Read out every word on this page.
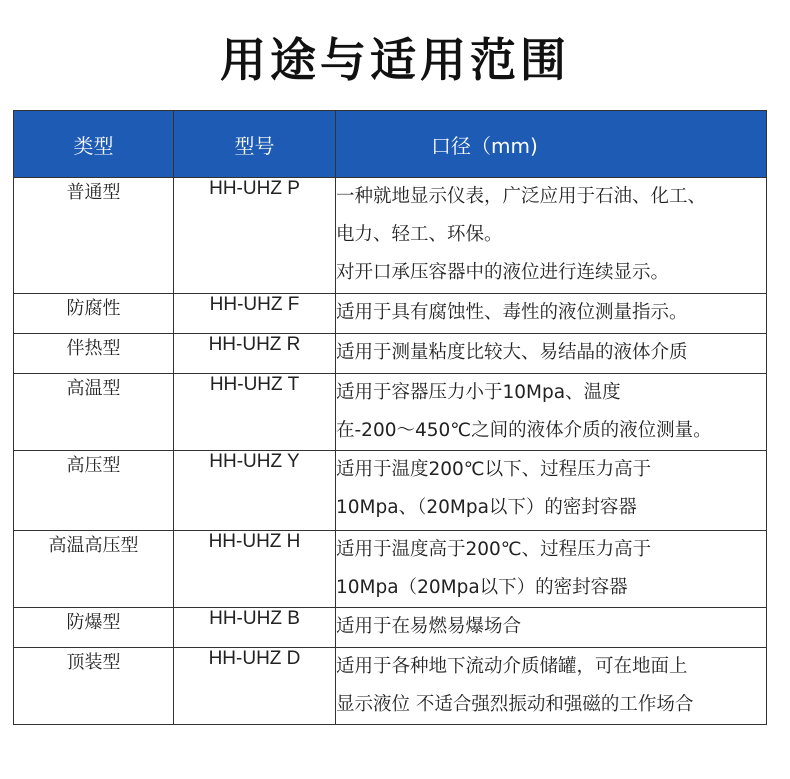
用途与适用范围
类型	型号	口径（mm)
普通型	HH-UHZ P	一种就地显示仪表，广泛应用于石油、化工、
电力、轻工、环保。
对开口承压容器中的液位进行连续显示。

防腐性	HH-UHZ F	适用于具有腐蚀性、毒性的液位测量指示。

伴热型	HH-UHZ R	适用于测量粘度比较大、易结晶的液体介质

高温型	HH-UHZ T	适用于容器压力小于10Mpa、温度
在-200～450℃之间的液体介质的液位测量。

高压型	HH-UHZ Y	适用于温度200℃以下、过程压力高于
10Mpa、（20Mpa以下）的密封容器

高温高压型	HH-UHZ H	适用于温度高于200℃、过程压力高于
10Mpa（20Mpa以下）的密封容器

防爆型	HH-UHZ B	适用于在易燃易爆场合

顶装型	HH-UHZ D	适用于各种地下流动介质储罐，可在地面上
显示液位 不适合强烈振动和强磁的工作场合
